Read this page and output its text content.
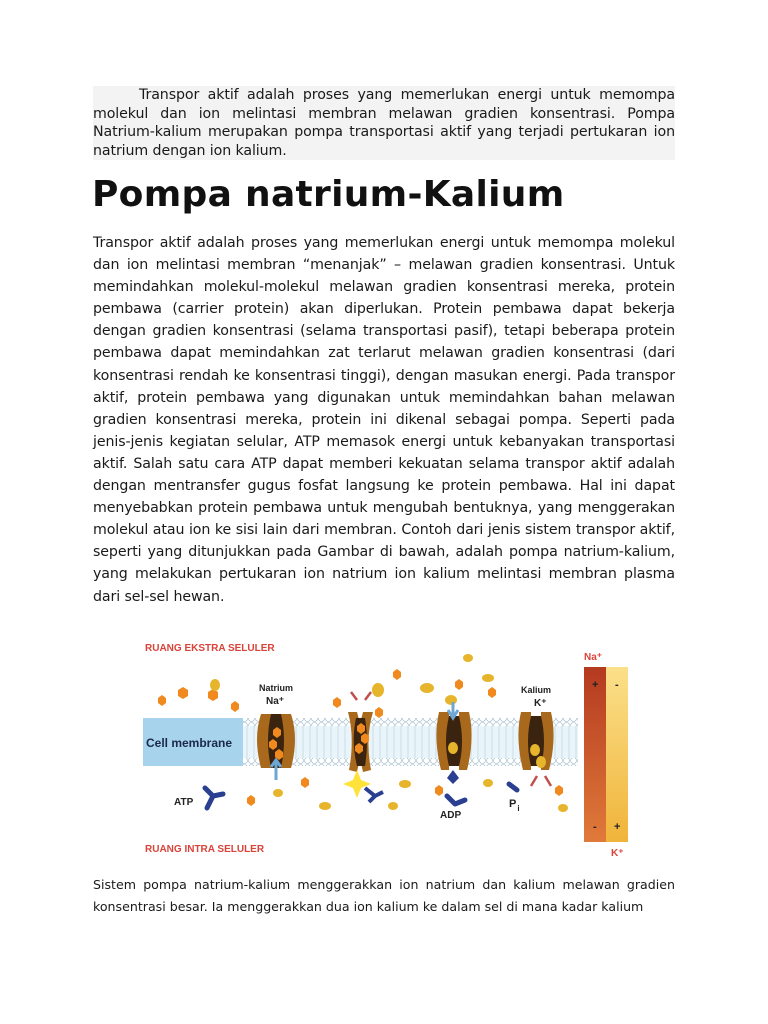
Transpor aktif adalah proses yang memerlukan energi untuk memompa molekul dan ion melintasi membran melawan gradien konsentrasi. Pompa Natrium-kalium merupakan pompa transportasi aktif yang terjadi pertukaran ion natrium dengan ion kalium.
Pompa natrium-Kalium
Transpor aktif adalah proses yang memerlukan energi untuk memompa molekul dan ion melintasi membran “menanjak” – melawan gradien konsentrasi. Untuk memindahkan molekul-molekul melawan gradien konsentrasi mereka, protein pembawa (carrier protein) akan diperlukan. Protein pembawa dapat bekerja dengan gradien konsentrasi (selama transportasi pasif), tetapi beberapa protein pembawa dapat memindahkan zat terlarut melawan gradien konsentrasi (dari konsentrasi rendah ke konsentrasi tinggi), dengan masukan energi. Pada transpor aktif, protein pembawa yang digunakan untuk memindahkan bahan melawan gradien konsentrasi mereka, protein ini dikenal sebagai pompa. Seperti pada jenis-jenis kegiatan selular, ATP memasok energi untuk kebanyakan transportasi aktif. Salah satu cara ATP dapat memberi kekuatan selama transpor aktif adalah dengan mentransfer gugus fosfat langsung ke protein pembawa. Hal ini dapat menyebabkan protein pembawa untuk mengubah bentuknya, yang menggerakan molekul atau ion ke sisi lain dari membran. Contoh dari jenis sistem transpor aktif, seperti yang ditunjukkan pada Gambar di bawah, adalah pompa natrium-kalium, yang melakukan pertukaran ion natrium ion kalium melintasi membran plasma dari sel-sel hewan.
RUANG EKSTRA SELULER
RUANG INTRA SELULER
Cell membrane
Natrium
Na⁺
Kalium
K⁺
ATP
ADP
$P_i$
Na⁺
+ -
- +
K⁺
Sistem pompa natrium-kalium menggerakkan ion natrium dan kalium melawan gradien konsentrasi besar. Ia menggerakkan dua ion kalium ke dalam sel di mana kadar kalium
